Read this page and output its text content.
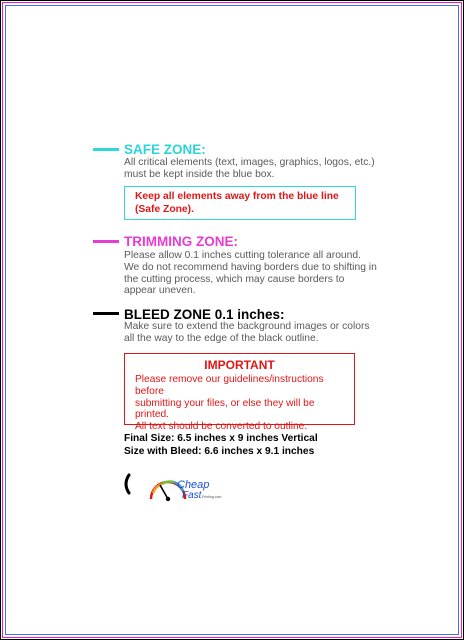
SAFE ZONE:
All critical elements (text, images, graphics, logos, etc.)
must be kept inside the blue box.
Keep all elements away from the blue line
(Safe Zone).
TRIMMING ZONE:
Please allow 0.1 inches cutting tolerance all around.
We do not recommend having borders due to shifting in
the cutting process, which may cause borders to
appear uneven.
BLEED ZONE 0.1 inches:
Make sure to extend the background images or colors
all the way to the edge of the black outline.
IMPORTANT
Please remove our guidelines/instructions before
submitting your files, or else they will be printed.
All text should be converted to outline.
Final Size: 6.5 inches x 9 inches Vertical
Size with Bleed: 6.6 inches x 9.1 inches
Cheap
Fast Printing.com
